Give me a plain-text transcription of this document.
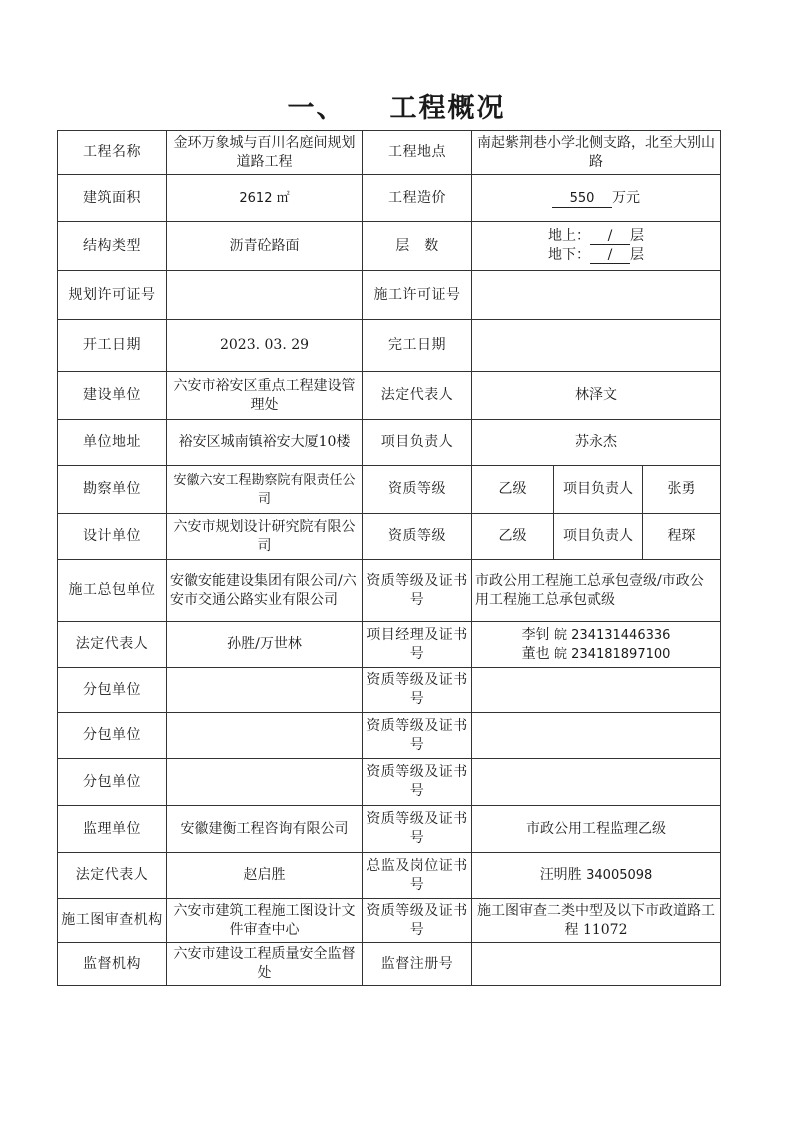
一、 工程概况
工程名称	金环万象城与百川名庭间规划道路工程	工程地点	南起紫荆巷小学北侧支路，北至大别山路		
建筑面积	2612 ㎡	工程造价	550 万元		
结构类型	沥青砼路面	层　数	地上： / 层
地下： / 层		

规划许可证号		施工许可证号			
开工日期	2023. 03. 29	完工日期			
建设单位	六安市裕安区重点工程建设管理处	法定代表人	林泽文		
单位地址	裕安区城南镇裕安大厦10楼	项目负责人	苏永杰		
勘察单位	安徽六安工程勘察院有限责任公司	资质等级	乙级	项目负责人	张勇
设计单位	六安市规划设计研究院有限公司	资质等级	乙级	项目负责人	程琛
施工总包单位	安徽安能建设集团有限公司/六安市交通公路实业有限公司	资质等级及证书号	市政公用工程施工总承包壹级/市政公用工程施工总承包贰级		
法定代表人	孙胜/万世林	项目经理及证书号	李钊 皖 234131446336
董也 皖 234181897100		

分包单位		资质等级及证书号			
分包单位		资质等级及证书号			
分包单位		资质等级及证书号			
监理单位	安徽建衡工程咨询有限公司	资质等级及证书号	市政公用工程监理乙级		
法定代表人	赵启胜	总监及岗位证书号	汪明胜 34005098		
施工图审查机构	六安市建筑工程施工图设计文件审查中心	资质等级及证书号	施工图审查二类中型及以下市政道路工程 11072		
监督机构	六安市建设工程质量安全监督处	监督注册号			
